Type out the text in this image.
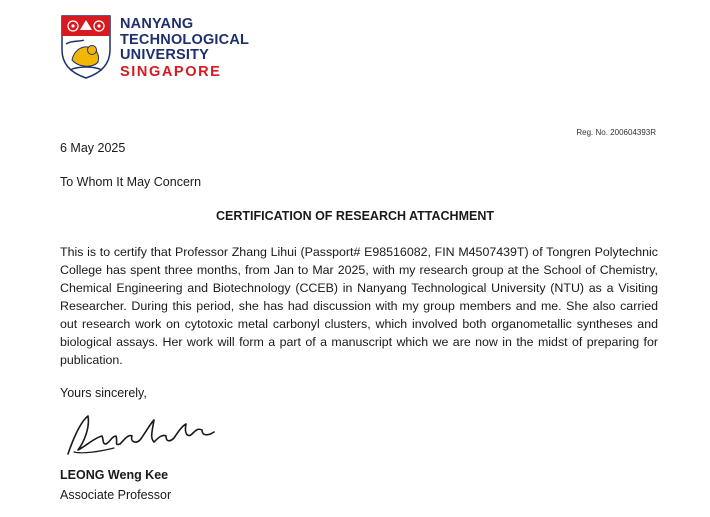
NANYANG
TECHNOLOGICAL
UNIVERSITY
SINGAPORE
Reg. No. 200604393R
6 May 2025
To Whom It May Concern
CERTIFICATION OF RESEARCH ATTACHMENT
This is to certify that Professor Zhang Lihui (Passport# E98516082, FIN M4507439T) of Tongren Polytechnic College has spent three months, from Jan to Mar 2025, with my research group at the School of Chemistry, Chemical Engineering and Biotechnology (CCEB) in Nanyang Technological University (NTU) as a Visiting Researcher. During this period, she has had discussion with my group members and me. She also carried out research work on cytotoxic metal carbonyl clusters, which involved both organometallic syntheses and biological assays. Her work will form a part of a manuscript which we are now in the midst of preparing for publication.
Yours sincerely,
LEONG Weng Kee
Associate Professor
